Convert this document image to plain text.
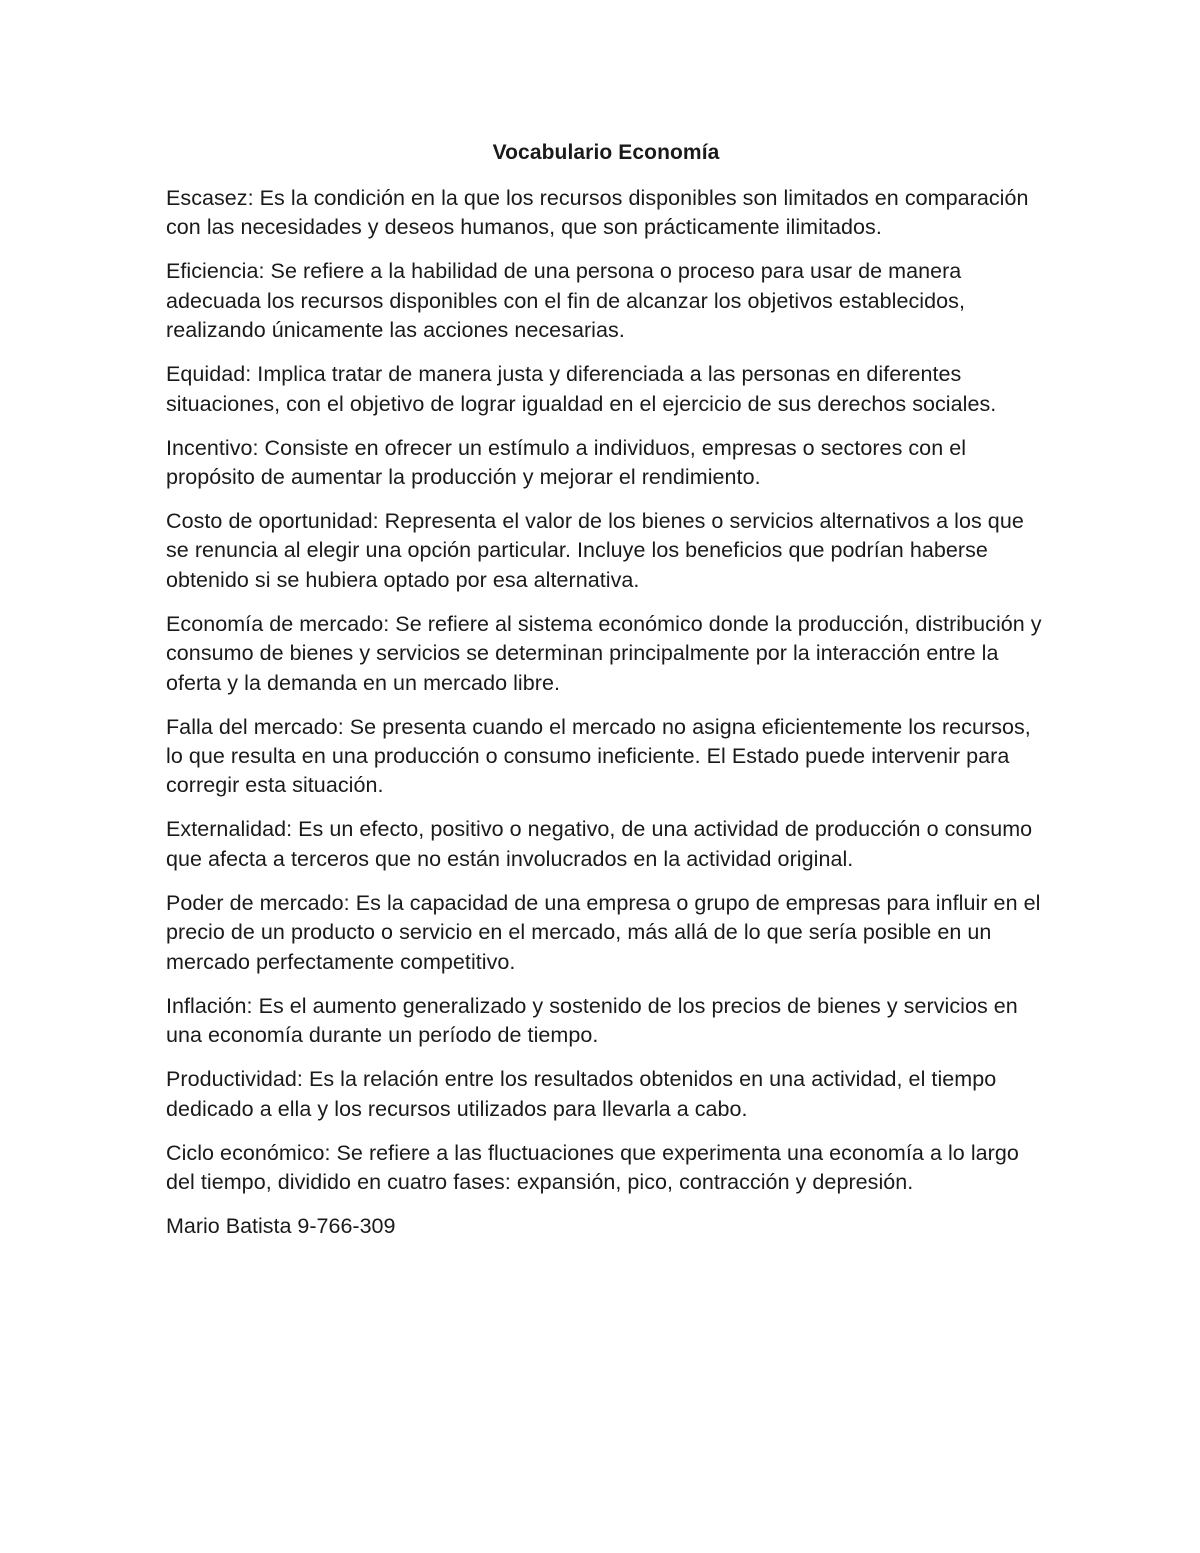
Vocabulario Economía

Escasez: Es la condición en la que los recursos disponibles son limitados en comparación con las necesidades y deseos humanos, que son prácticamente ilimitados.

Eficiencia: Se refiere a la habilidad de una persona o proceso para usar de manera adecuada los recursos disponibles con el fin de alcanzar los objetivos establecidos, realizando únicamente las acciones necesarias.

Equidad: Implica tratar de manera justa y diferenciada a las personas en diferentes situaciones, con el objetivo de lograr igualdad en el ejercicio de sus derechos sociales.

Incentivo: Consiste en ofrecer un estímulo a individuos, empresas o sectores con el propósito de aumentar la producción y mejorar el rendimiento.

Costo de oportunidad: Representa el valor de los bienes o servicios alternativos a los que se renuncia al elegir una opción particular. Incluye los beneficios que podrían haberse obtenido si se hubiera optado por esa alternativa.

Economía de mercado: Se refiere al sistema económico donde la producción, distribución y consumo de bienes y servicios se determinan principalmente por la interacción entre la oferta y la demanda en un mercado libre.

Falla del mercado: Se presenta cuando el mercado no asigna eficientemente los recursos, lo que resulta en una producción o consumo ineficiente. El Estado puede intervenir para corregir esta situación.

Externalidad: Es un efecto, positivo o negativo, de una actividad de producción o consumo que afecta a terceros que no están involucrados en la actividad original.

Poder de mercado: Es la capacidad de una empresa o grupo de empresas para influir en el precio de un producto o servicio en el mercado, más allá de lo que sería posible en un mercado perfectamente competitivo.

Inflación: Es el aumento generalizado y sostenido de los precios de bienes y servicios en una economía durante un período de tiempo.

Productividad: Es la relación entre los resultados obtenidos en una actividad, el tiempo dedicado a ella y los recursos utilizados para llevarla a cabo.

Ciclo económico: Se refiere a las fluctuaciones que experimenta una economía a lo largo del tiempo, dividido en cuatro fases: expansión, pico, contracción y depresión.

Mario Batista 9-766-309
